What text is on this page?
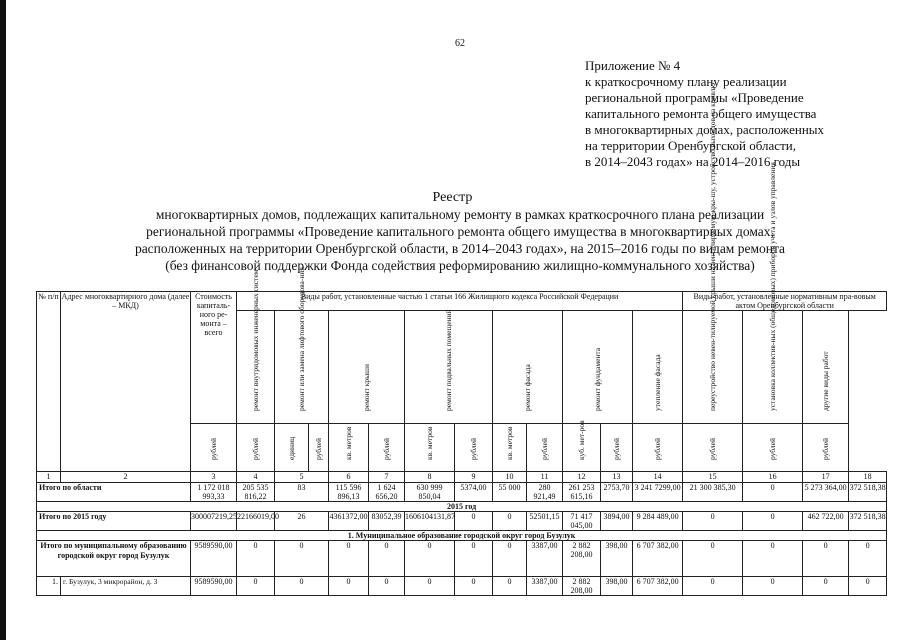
62
Приложение № 4
к краткосрочному плану реализации
региональной программы «Проведение
капитального ремонта общего имущества
в многоквартирных домах, расположенных
на территории Оренбургской области,
в 2014–2043 годах» на 2014–2016 годы
Реестр
многоквартирных домов, подлежащих капитальному ремонту в рамках краткосрочного плана реализации
региональной программы «Проведение капитального ремонта общего имущества в многоквартирных домах,
расположенных на территории Оренбургской области, в 2014–2043 годах», на 2015–2016 годы по видам ремонта
(без финансовой поддержки Фонда содействия реформированию жилищно-коммунального хозяйства)
№ п/п	Адрес многоквартирного дома (далее – МКД)	Стоимость капиталь-ного ре-монта – всего	Виды работ, установленные частью 1 статьи 166 Жилищного кодекса Российской Федерации												Виды работ, установленные нормативным пра-вовым актом Оренбургской области			

			ремонт внутридомовых инженерных систем	ремонт или замена лифтового оборудова-ния		ремонт крыши		ремонт подвальных помещений		ремонт фасада		ремонт фундамента		утепление фасада	переустройство невен-тилируемой крыши на вентилируемую кры-шу, устройство выхо-дов на кровлю	установка коллектив-ных (общедомовых) приборов учета и узлов управления	другие виды работ	

		рублей	рублей	единиц	рублей	кв. метров	рублей	кв. метров	рублей	кв. метров	рублей	куб. мет-ров	рублей	рублей	рублей	рублей	рублей	

1	2	3	4	5		6	7	8	9	10	11	12	13	14	15	16	17	18
Итого по области		1 172 018 993,33	205 535 816,22	83		115 596 896,13	1 624 656,20	630 999 850,04	5374,00	55 000	280 921,49	261 253 615,16	2753,70	3 241 7299,00	21 300 385,30	0	5 273 364,00	372 518,38
2015 год																		
Итого по 2015 году		300007219,25	22166019,00	26		4361372,00	83052,39	1606104131,87	0	0	52501,15	71 417 045,00	3894,00	9 284 489,00	0	0	462 722,00	372 518,38
1. Муниципальное образование городской округ город Бузулук																		
Итого по муниципальному образованию городской округ город Бузулук		9589590,00	0	0		0	0	0	0	0	3387,00	2 882 208,00	398,00	6 707 382,00	0	0	0	0
1.	г. Бузулук, 3 микрорайон, д. 3	9589590,00	0	0		0	0	0	0	0	3387,00	2 882 208,00	398,00	6 707 382,00	0	0	0	0
